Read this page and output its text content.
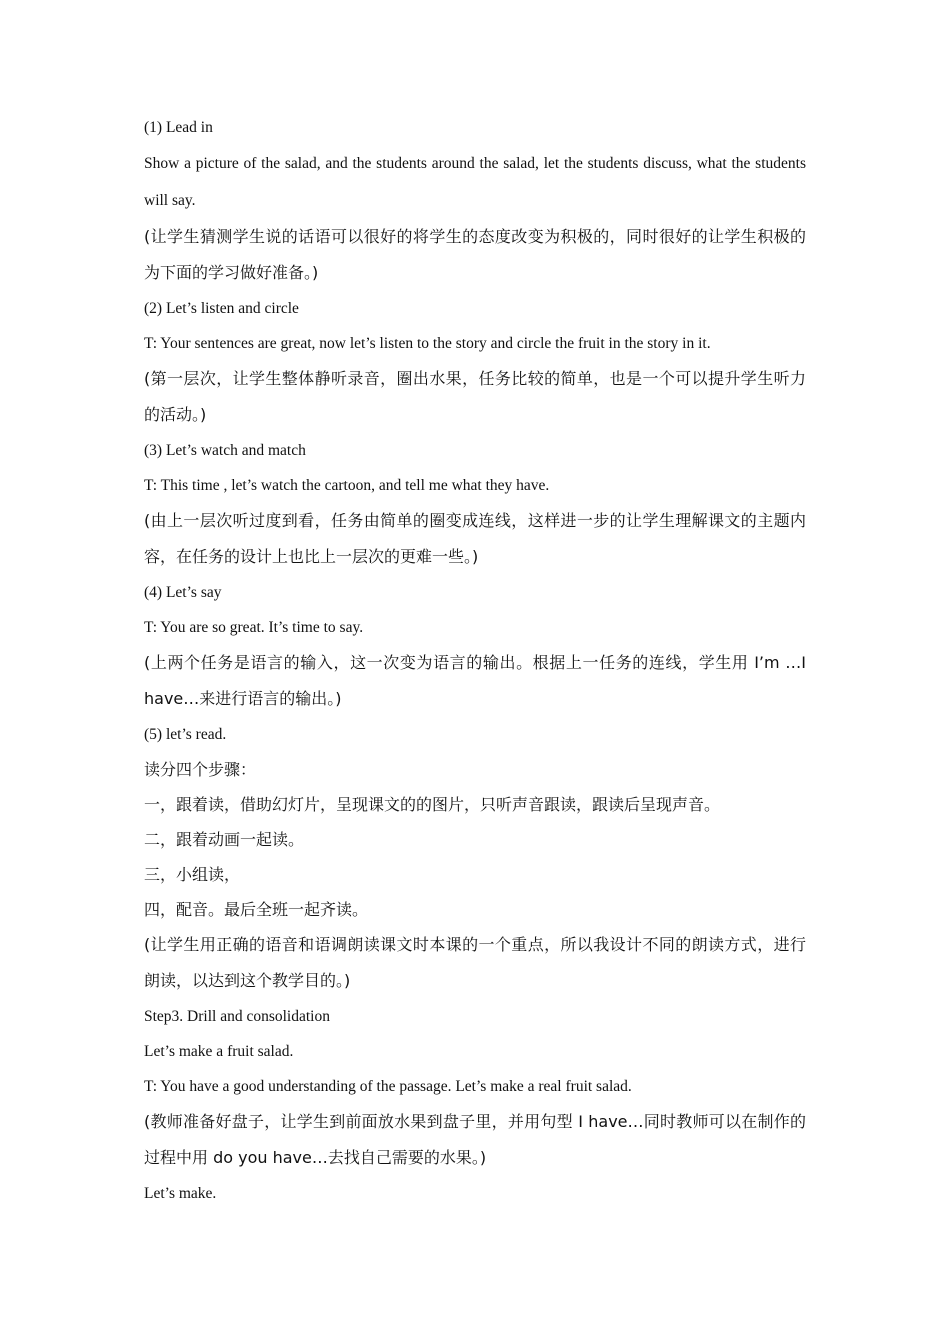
(1) Lead in

Show a picture of the salad, and the students around the salad, let the students discuss, what the students will say.

(让学生猜测学生说的话语可以很好的将学生的态度改变为积极的，同时很好的让学生积极的为下面的学习做好准备。)

(2) Let’s listen and circle

T: Your sentences are great, now let’s listen to the story and circle the fruit in the story in it.

(第一层次，让学生整体静听录音，圈出水果，任务比较的简单，也是一个可以提升学生听力的活动。)

(3) Let’s watch and match

T: This time , let’s watch the cartoon, and tell me what they have.

(由上一层次听过度到看，任务由简单的圈变成连线，这样进一步的让学生理解课文的主题内容，在任务的设计上也比上一层次的更难一些。)

(4) Let’s say

T: You are so great. It’s time to say.

(上两个任务是语言的输入，这一次变为语言的输出。根据上一任务的连线，学生用 I’m …I have…来进行语言的输出。)

(5) let’s read.

读分四个步骤：

一，跟着读，借助幻灯片，呈现课文的的图片，只听声音跟读，跟读后呈现声音。

二，跟着动画一起读。

三，小组读，

四，配音。最后全班一起齐读。

(让学生用正确的语音和语调朗读课文时本课的一个重点，所以我设计不同的朗读方式，进行朗读，以达到这个教学目的。)

Step3. Drill and consolidation

Let’s make a fruit salad.

T: You have a good understanding of the passage. Let’s make a real fruit salad.

(教师准备好盘子，让学生到前面放水果到盘子里，并用句型 I have…同时教师可以在制作的过程中用 do you have…去找自己需要的水果。)

Let’s make.
